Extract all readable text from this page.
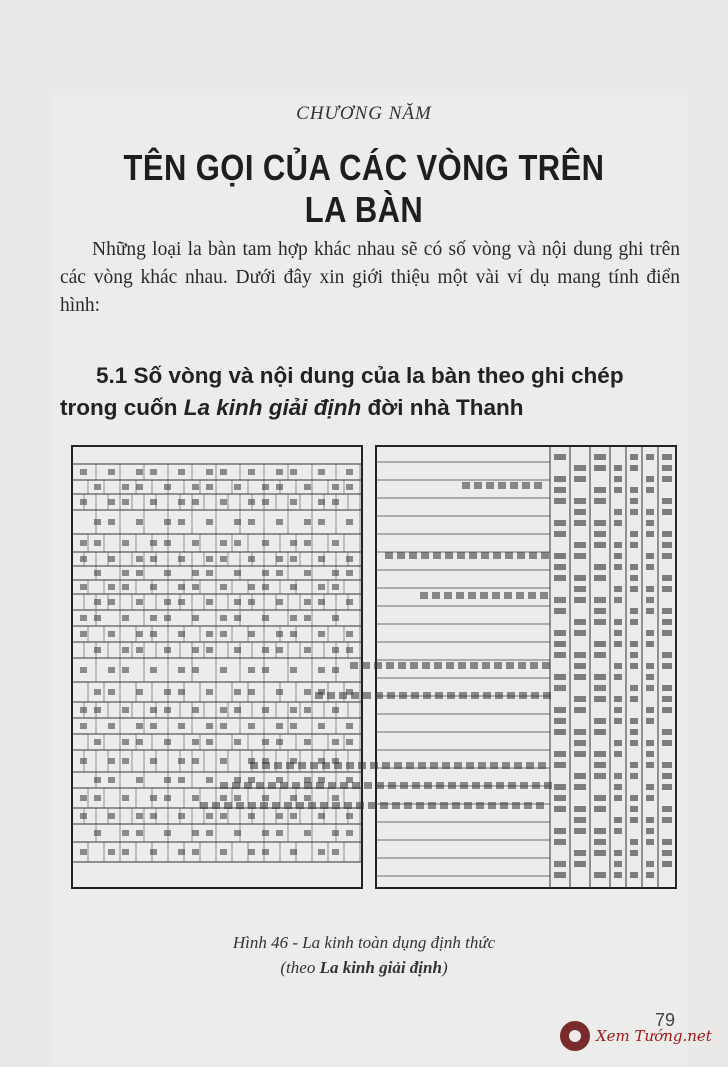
CHƯƠNG NĂM
TÊN GỌI CỦA CÁC VÒNG TRÊN LA BÀN
Những loại la bàn tam hợp khác nhau sẽ có số vòng và nội dung ghi trên các vòng khác nhau. Dưới đây xin giới thiệu một vài ví dụ mang tính điển hình:
5.1 Số vòng và nội dung của la bàn theo ghi chép
trong cuốn La kinh giải định đời nhà Thanh
Hình 46 - La kinh toàn dụng định thức
(theo La kinh giải định)
79
Xem Tướng.net
